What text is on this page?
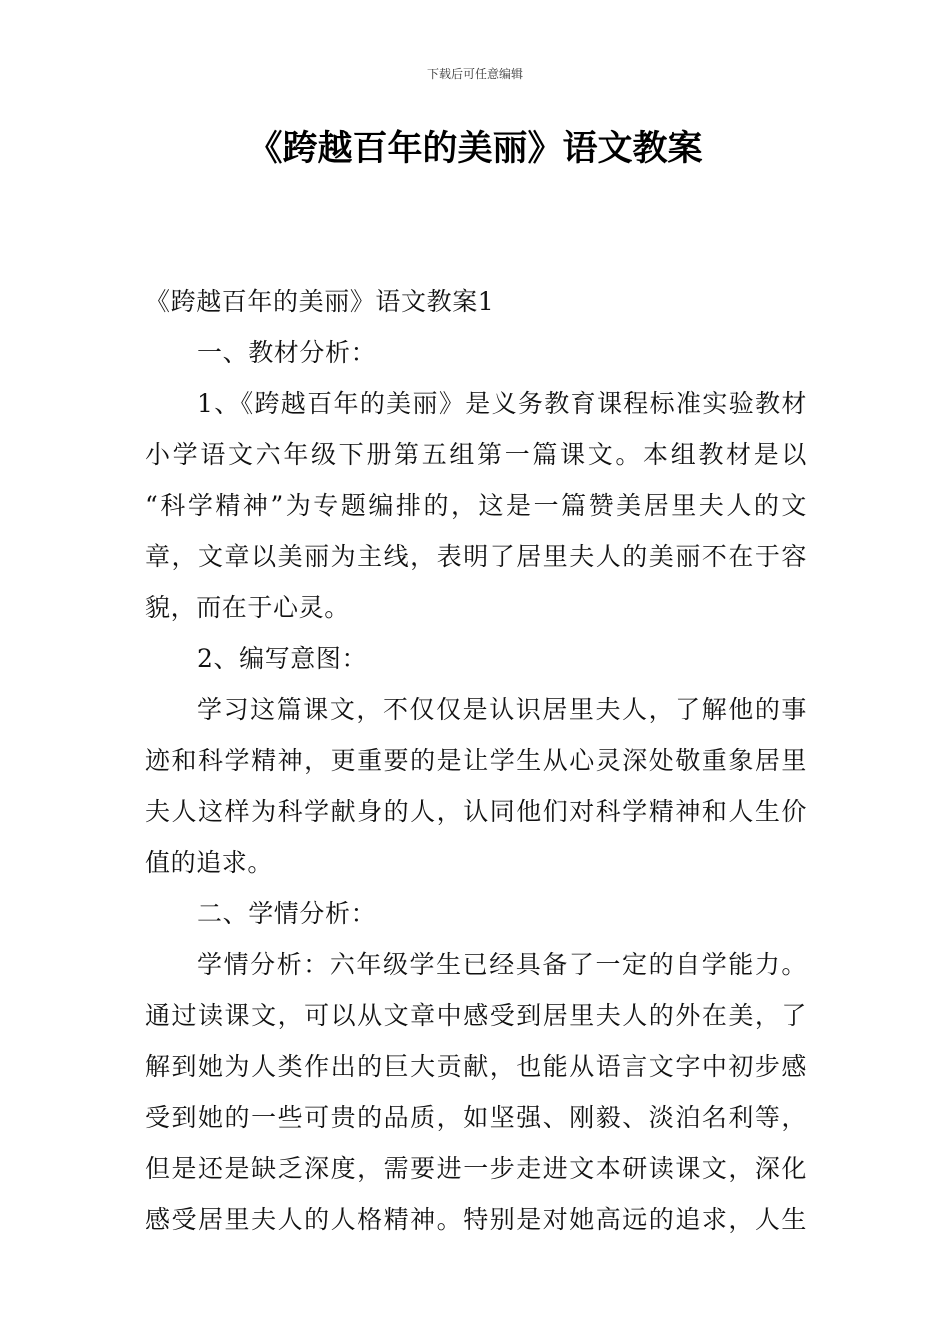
下载后可任意编辑
《跨越百年的美丽》语文教案
《跨越百年的美丽》语文教案1
一、教材分析：
1、《跨越百年的美丽》是义务教育课程标准实验教材
小学语文六年级下册第五组第一篇课文。本组教材是以
“科学精神”为专题编排的，这是一篇赞美居里夫人的文
章，文章以美丽为主线，表明了居里夫人的美丽不在于容
貌，而在于心灵。
2、编写意图：
学习这篇课文，不仅仅是认识居里夫人，了解他的事
迹和科学精神，更重要的是让学生从心灵深处敬重象居里
夫人这样为科学献身的人，认同他们对科学精神和人生价
值的追求。
二、学情分析：
学情分析：六年级学生已经具备了一定的自学能力。
通过读课文，可以从文章中感受到居里夫人的外在美，了
解到她为人类作出的巨大贡献，也能从语言文字中初步感
受到她的一些可贵的品质，如坚强、刚毅、淡泊名利等，
但是还是缺乏深度，需要进一步走进文本研读课文，深化
感受居里夫人的人格精神。特别是对她高远的追求，人生
